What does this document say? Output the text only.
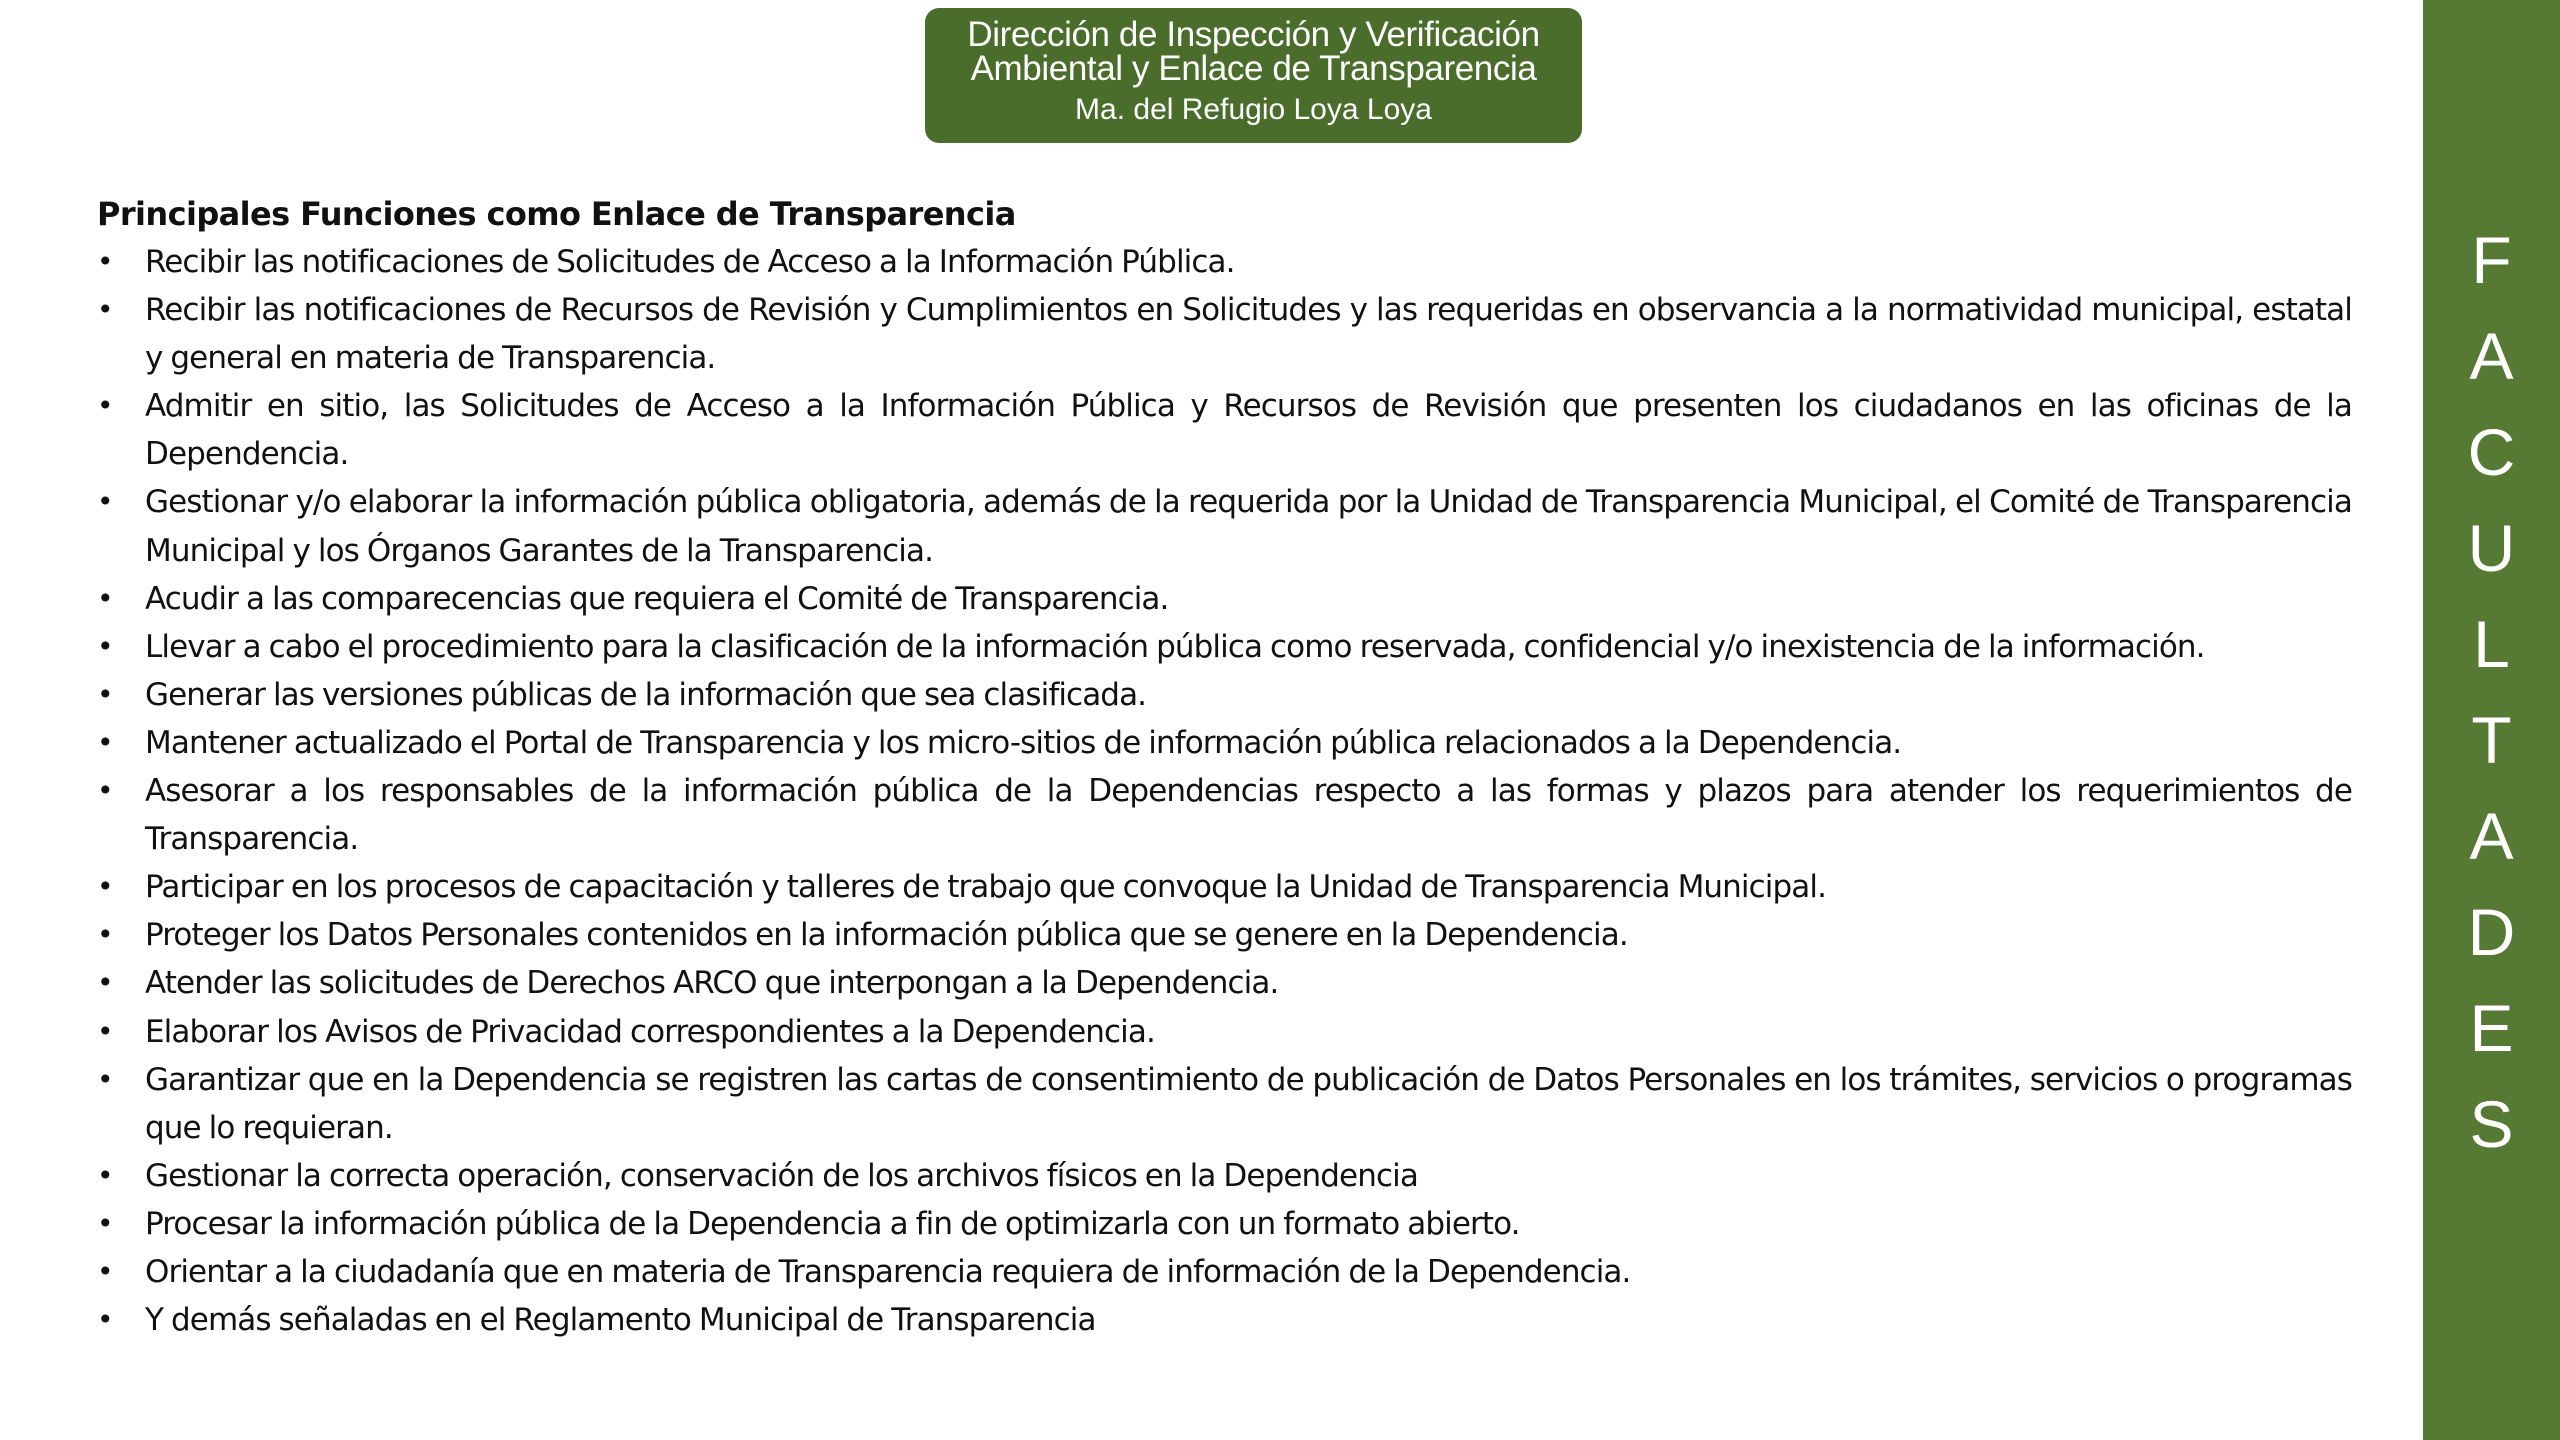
Dirección de Inspección y Verificación
Ambiental y Enlace de Transparencia
Ma. del Refugio Loya Loya
F
A
C
U
L
T
A
D
E
S
Principales Funciones como Enlace de Transparencia
• Recibir las notificaciones de Solicitudes de Acceso a la Información Pública.
• Recibir las notificaciones de Recursos de Revisión y Cumplimientos en Solicitudes y las requeridas en observancia a la normatividad municipal, estatal y general en materia de Transparencia.
• Admitir en sitio, las Solicitudes de Acceso a la Información Pública y Recursos de Revisión que presenten los ciudadanos en las oficinas de la Dependencia.
• Gestionar y/o elaborar la información pública obligatoria, además de la requerida por la Unidad de Transparencia Municipal, el Comité de Transparencia Municipal y los Órganos Garantes de la Transparencia.
• Acudir a las comparecencias que requiera el Comité de Transparencia.
• Llevar a cabo el procedimiento para la clasificación de la información pública como reservada, confidencial y/o inexistencia de la información.
• Generar las versiones públicas de la información que sea clasificada.
• Mantener actualizado el Portal de Transparencia y los micro-sitios de información pública relacionados a la Dependencia.
• Asesorar a los responsables de la información pública de la Dependencias respecto a las formas y plazos para atender los requerimientos de Transparencia.
• Participar en los procesos de capacitación y talleres de trabajo que convoque la Unidad de Transparencia Municipal.
• Proteger los Datos Personales contenidos en la información pública que se genere en la Dependencia.
• Atender las solicitudes de Derechos ARCO que interpongan a la Dependencia.
• Elaborar los Avisos de Privacidad correspondientes a la Dependencia.
• Garantizar que en la Dependencia se registren las cartas de consentimiento de publicación de Datos Personales en los trámites, servicios o programas que lo requieran.
• Gestionar la correcta operación, conservación de los archivos físicos en la Dependencia
• Procesar la información pública de la Dependencia a fin de optimizarla con un formato abierto.
• Orientar a la ciudadanía que en materia de Transparencia requiera de información de la Dependencia.
• Y demás señaladas en el Reglamento Municipal de Transparencia
